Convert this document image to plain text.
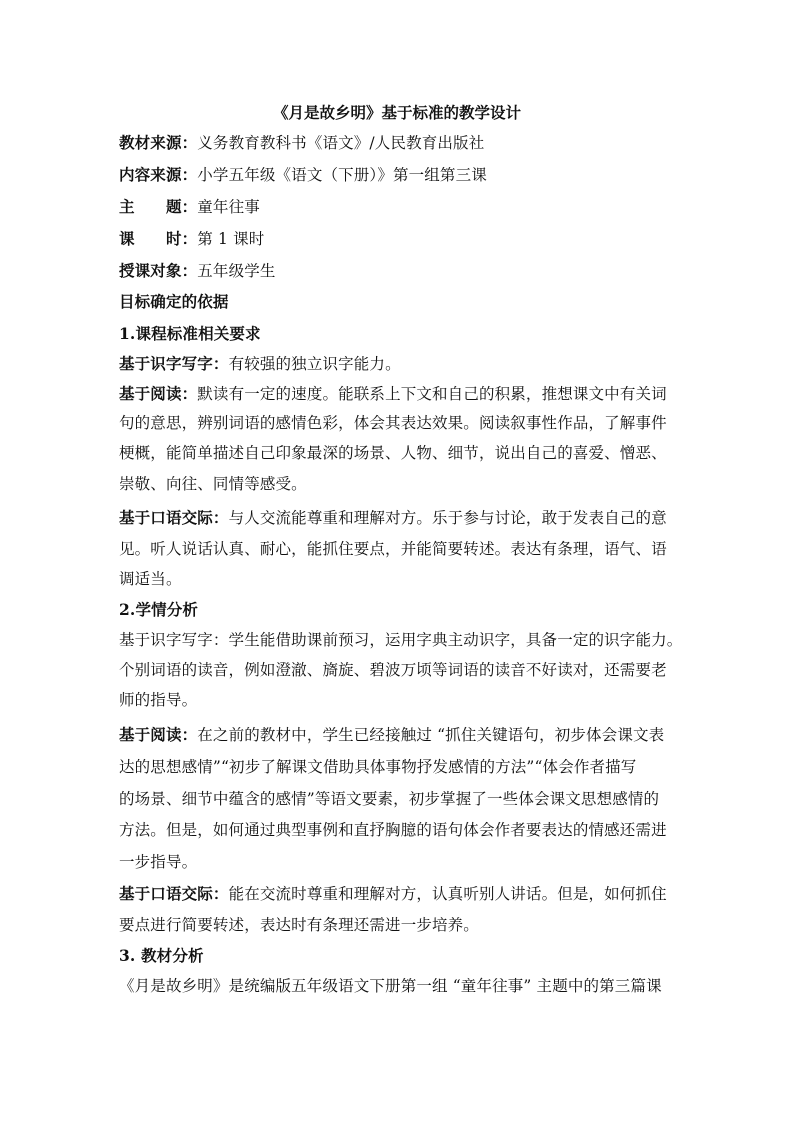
《月是故乡明》基于标准的教学设计
教材来源：义务教育教科书《语文》/人民教育出版社
内容来源：小学五年级《语文（下册）》第一组第三课
主　　题：童年往事
课　　时：第 1 课时
授课对象：五年级学生
目标确定的依据
1.课程标准相关要求
基于识字写字：有较强的独立识字能力。
基于阅读：默读有一定的速度。能联系上下文和自己的积累，推想课文中有关词
句的意思，辨别词语的感情色彩，体会其表达效果。阅读叙事性作品，了解事件
梗概，能简单描述自己印象最深的场景、人物、细节，说出自己的喜爱、憎恶、
崇敬、向往、同情等感受。
基于口语交际：与人交流能尊重和理解对方。乐于参与讨论，敢于发表自己的意
见。听人说话认真、耐心，能抓住要点，并能简要转述。表达有条理，语气、语
调适当。
2.学情分析
基于识字写字：学生能借助课前预习，运用字典主动识字，具备一定的识字能力。
个别词语的读音，例如澄澈、旖旋、碧波万顷等词语的读音不好读对，还需要老
师的指导。
基于阅读：在之前的教材中，学生已经接触过 “抓住关键语句，初步体会课文表
达的思想感情”“初步了解课文借助具体事物抒发感情的方法”“体会作者描写
的场景、细节中蕴含的感情”等语文要素，初步掌握了一些体会课文思想感情的
方法。但是，如何通过典型事例和直抒胸臆的语句体会作者要表达的情感还需进
一步指导。
基于口语交际：能在交流时尊重和理解对方，认真听别人讲话。但是，如何抓住
要点进行简要转述，表达时有条理还需进一步培养。
3. 教材分析
《月是故乡明》是统编版五年级语文下册第一组 “童年往事” 主题中的第三篇课
